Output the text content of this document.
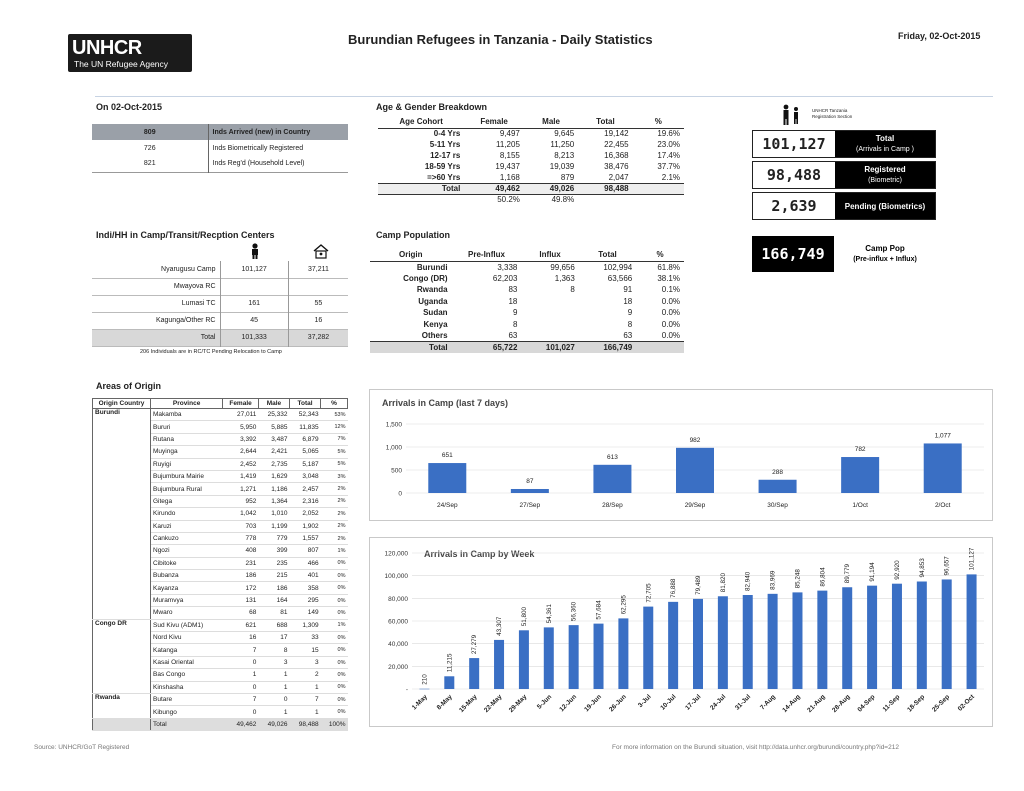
UNHCR
The UN Refugee Agency
Burundian Refugees in Tanzania - Daily Statistics	Friday, 02-Oct-2015
On 02-Oct-2015
809	Inds Arrived (new) in Country
726	Inds Biometrically Registered
821	Inds Reg'd (Household Level)
Age & Gender Breakdown
Age Cohort	Female	Male	Total	%
0-4 Yrs	9,497	9,645	19,142	19.6%
5-11 Yrs	11,205	11,250	22,455	23.0%
12-17 rs	8,155	8,213	16,368	17.4%
18-59 Yrs	19,437	19,039	38,476	37.7%
=>60 Yrs	1,168	879	2,047	2.1%
Total	49,462	49,026	98,488	
	50.2%	49.8%		
UNHCR Tanzania Registration Section
101,127	Total
(Arrivals in Camp )
98,488	Registered
(Biometric)
2,639	Pending (Biometrics)
166,749	Camp Pop
(Pre-influx + Influx)
Indi/HH in Camp/Transit/Recption Centers
Nyarugusu Camp	101,127	37,211
Mwayova RC		
Lumasi TC	161	55
Kagunga/Other RC	45	16
Total	101,333	37,282
206 Individuals are in RC/TC Pending Relocation to Camp
Camp Population
Origin	Pre-Influx	Influx	Total	%
Burundi	3,338	99,656	102,994	61.8%
Congo (DR)	62,203	1,363	63,566	38.1%
Rwanda	83	8	91	0.1%
Uganda	18		18	0.0%
Sudan	9		9	0.0%
Kenya	8		8	0.0%
Others	63		63	0.0%
Total	65,722	101,027	166,749	
Areas of Origin
Origin Country	Province	Female	Male	Total	%
Burundi	Makamba	27,011	25,332	52,343	53%
	Bururi	5,950	5,885	11,835	12%
	Rutana	3,392	3,487	6,879	7%
	Muyinga	2,644	2,421	5,065	5%
	Ruyigi	2,452	2,735	5,187	5%
	Bujumbura Mairie	1,419	1,629	3,048	3%
	Bujumbura Rural	1,271	1,186	2,457	2%
	Gitega	952	1,364	2,316	2%
	Kirundo	1,042	1,010	2,052	2%
	Karuzi	703	1,199	1,902	2%
	Cankuzo	778	779	1,557	2%
	Ngozi	408	399	807	1%
	Cibitoke	231	235	466	0%
	Bubanza	186	215	401	0%
	Kayanza	172	186	358	0%
	Muramvya	131	164	295	0%
	Mwaro	68	81	149	0%
Congo DR	Sud Kivu (ADM1)	621	688	1,309	1%
	Nord Kivu	16	17	33	0%
	Katanga	7	8	15	0%
	Kasai Oriental	0	3	3	0%
	Bas Congo	1	1	2	0%
	Kinshasha	0	1	1	0%
Rwanda	Butare	7	0	7	0%
	Kibungo	0	1	1	0%
	Total	49,462	49,026	98,488	100%
Arrivals in Camp (last 7 days)
0
500
1,000
1,500
651
24/Sep
87
27/Sep
613
28/Sep
982
29/Sep
288
30/Sep
782
1/Oct
1,077
2/Oct
Arrivals in Camp by Week
-
20,000
40,000
60,000
80,000
100,000
120,000
210
1-May
11,215
8-May
27,279
15-May
43,307
22-May
51,800
29-May
54,361
5-Jun
56,360
12-Jun
57,684
19-Jun
62,295
26-Jun
72,705
3-Jul
76,888
10-Jul
79,489
17-Jul
81,820
24-Jul
82,940
31-Jul
83,969
7-Aug
85,248
14-Aug
86,804
21-Aug
89,779
28-Aug
91,194
04-Sep
92,920
11-Sep
94,853
18-Sep
96,657
25-Sep
101,127
02-Oct
Source: UNHCR/GoT Registered	For more information on the Burundi situation, visit http://data.unhcr.org/burundi/country.php?id=212
